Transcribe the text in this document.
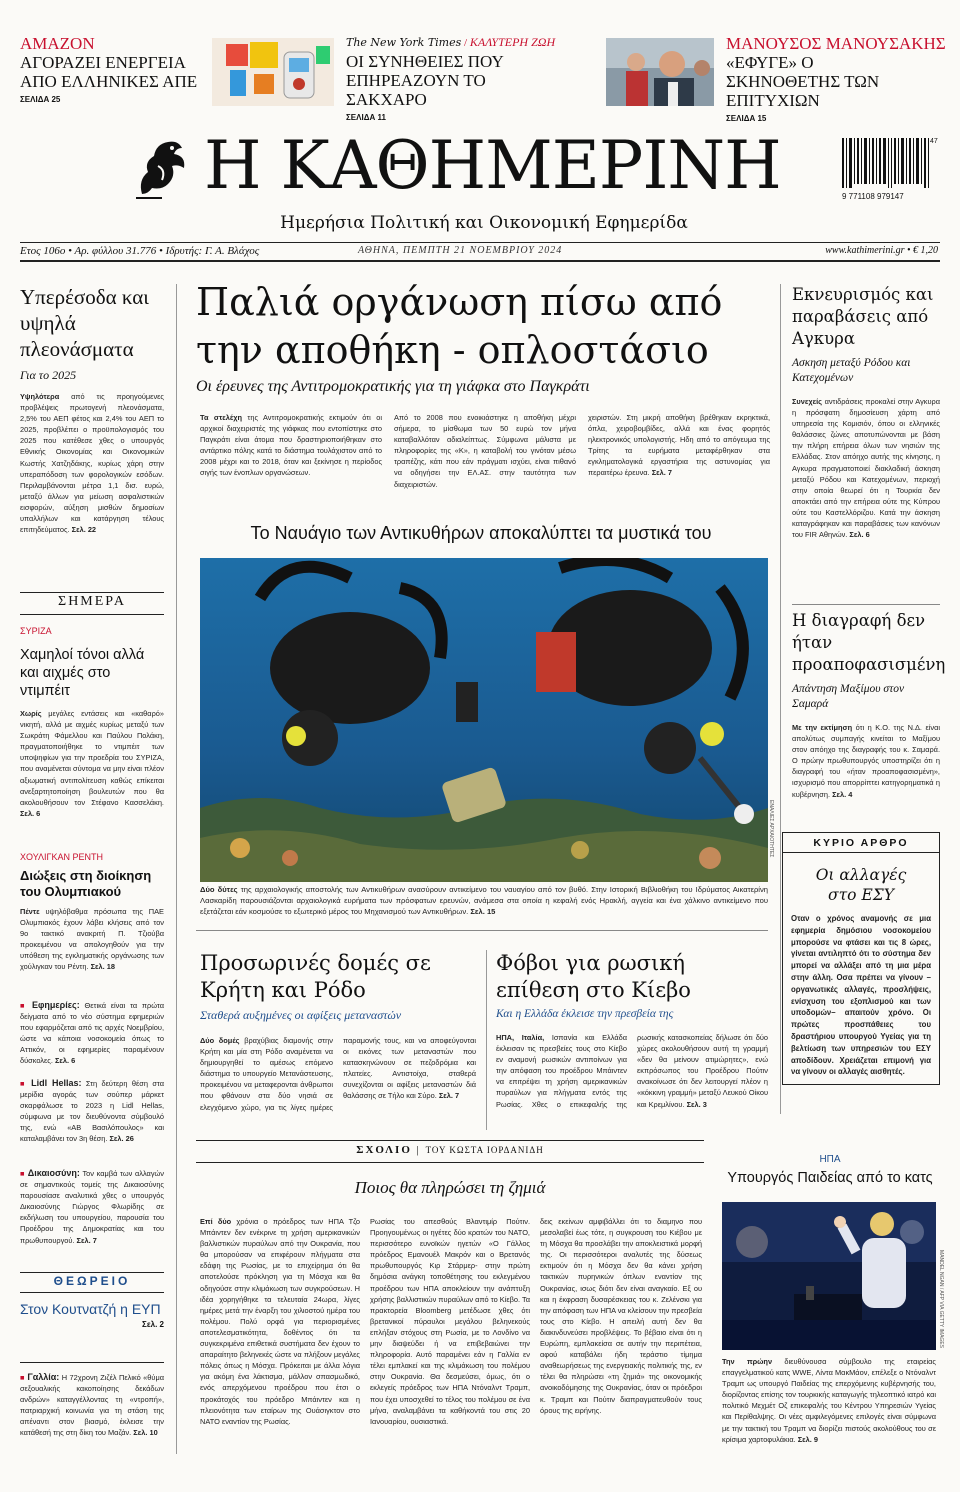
ΑΜΑΖΟΝ
ΑΓΟΡΑΖΕΙ ΕΝΕΡΓΕΙΑ ΑΠΟ ΕΛΛΗΝΙΚΕΣ ΑΠΕ
ΣΕΛΙΔΑ 25
The New York Times / ΚΑΛΥΤΕΡΗ ΖΩΗ
ΟΙ ΣΥΝΗΘΕΙΕΣ ΠΟΥ ΕΠΗΡΕΑΖΟΥΝ ΤΟ ΣΑΚΧΑΡΟ
ΣΕΛΙΔΑ 11
ΜΑΝΟΥΣΟΣ ΜΑΝΟΥΣΑΚΗΣ
«ΕΦΥΓΕ» Ο ΣΚΗΝΟΘΕΤΗΣ ΤΩΝ ΕΠΙΤΥΧΙΩΝ
ΣΕΛΙΔΑ 15
Η ΚΑΘΗΜΕΡΙΝΗ
Ημερήσια Πολιτική και Οικονομική Εφημερίδα
47
9 771108 979147
Ετος 106ο • Αρ. φύλλου 31.776 • Ιδρυτής: Γ. Α. Βλάχος	ΑΘΗΝΑ, ΠΕΜΠΤΗ 21 ΝΟΕΜΒΡΙΟΥ 2024	www.kathimerini.gr • € 1,20
Υπερέσοδα και υψηλά πλεονάσματα
Για το 2025
Υψηλότερα από τις προηγούμενες προβλέψεις πρωτογενή πλεονάσματα, 2,5% του ΑΕΠ φέτος και 2,4% του ΑΕΠ το 2025, προβλέπει ο προϋπολογισμός του 2025 που κατέθεσε χθες ο υπουργός Εθνικής Οικονομίας και Οικονομικών Κωστής Χατζηδάκης, κυρίως χάρη στην υπεραπόδοση των φορολογικών εσόδων. Περιλαμβάνονται μέτρα 1,1 δισ. ευρώ, μεταξύ άλλων για μείωση ασφαλιστικών εισφορών, αύξηση μισθών δημοσίων υπαλλήλων και κατάργηση τέλους επιτηδεύματος. Σελ. 22
ΣΗΜΕΡΑ
ΣΥΡΙΖΑ
Χαμηλοί τόνοι αλλά και αιχμές στο ντιμπέιτ
Χωρίς μεγάλες εντάσεις και «καθαρό» νικητή, αλλά με αιχμές κυρίως μεταξύ των Σωκράτη Φάμελλου και Παύλου Πολάκη, πραγματοποιήθηκε το ντιμπέιτ των υποψηφίων για την προεδρία του ΣΥΡΙΖΑ, που αναμένεται σύντομα να μην είναι πλέον αξιωματική αντιπολίτευση καθώς επίκειται ανεξαρτητοποίηση βουλευτών που θα ακολουθήσουν τον Στέφανο Κασσελάκη. Σελ. 6
ΧΟΥΛΙΓΚΑΝ ΡΕΝΤΗ
Διώξεις στη διοίκηση του Ολυμπιακού
Πέντε υψηλόβαθμα πρόσωπα της ΠΑΕ Ολυμπιακός έχουν λάβει κλήσεις από τον 9ο τακτικό ανακριτή Π. Τζιούβα προκειμένου να απολογηθούν για την υπόθεση της εγκληματικής οργάνωσης των χούλιγκαν του Ρέντη. Σελ. 18
■ Εφημερίες: Θετικά είναι τα πρώτα δείγματα από το νέο σύστημα εφημεριών που εφαρμόζεται από τις αρχές Νοεμβρίου, ώστε να κάποια νοσοκομεία όπως το Αττικόν, οι εφημερίες παραμένουν δύσκολες. Σελ. 6
■ Lidl Hellas: Στη δεύτερη θέση στα μερίδια αγοράς των σούπερ μάρκετ σκαρφάλωσε το 2023 η Lidl Hellas, σύμφωνα με τον διευθύνοντα σύμβουλό της, ενώ «ΑΒ Βασιλόπουλος» και καταλαμβάνει τον 3η θέση. Σελ. 26
■ Δικαιοσύνη: Τον καμβά των αλλαγών σε σημαντικούς τομείς της Δικαιοσύνης παρουσίασε αναλυτικά χθες ο υπουργός Δικαιοσύνης Γιώργος Φλωρίδης σε εκδήλωση του υπουργείου, παρουσία του Προέδρου της Δημοκρατίας και του πρωθυπουργού. Σελ. 7
ΘΕΩΡΕΙΟ
Στον Κουτνατζή η ΕΥΠ
Σελ. 2
■ Γαλλία: Η 72χρονη Ζιζέλ Πελικό «θύμα σεξουαλικής κακοποίησης δεκάδων ανδρών» καταγγέλλοντας τη «ντροπή», πατριαρχική κοινωνία για τη στάση της απέναντι στον βιασμό, έκλεισε την κατάθεσή της στη δίκη του Μαζάν. Σελ. 10
Παλιά οργάνωση πίσω από την αποθήκη - οπλοστάσιο
Οι έρευνες της Αντιτρομοκρατικής για τη γιάφκα στο Παγκράτι
Τα στελέχη της Αντιτρομοκρατικής εκτιμούν ότι οι αρχικοί διαχειριστές της γιάφκας που εντοπίστηκε στο Παγκράτι είναι άτομα που δραστηριοποιήθηκαν στο αντάρτικο πόλης κατά το διάστημα τουλάχιστον από το 2008 μέχρι και το 2018, όταν και ξεκίνησε η περίοδος σιγής των ένοπλων οργανώσεων.
Από το 2008 που ενοικιάστηκε η αποθήκη μέχρι σήμερα, το μίσθωμα των 50 ευρώ τον μήνα καταβαλλόταν αδιαλείπτως. Σύμφωνα μάλιστα με πληροφορίες της «Κ», η καταβολή του γινόταν μέσω τραπέζης, κάτι που εάν πράγματι ισχύει, είναι πιθανό να οδηγήσει την ΕΛ.ΑΣ. στην ταυτότητα των διαχειριστών.
χειριστών. Στη μικρή αποθήκη βρέθηκαν εκρηκτικά, όπλα, χειροβομβίδες, αλλά και ένας φορητός ηλεκτρονικός υπολογιστής. Ηδη από το απόγευμα της Τρίτης τα ευρήματα μεταφέρθηκαν στα εγκληματολογικά εργαστήρια της αστυνομίας για περαιτέρω έρευνα. Σελ. 7
Το Ναυάγιο των Αντικυθήρων αποκαλύπτει τα μυστικά του
ΕΝΑΛΙΕΣ ΑΡΧΑΙΟΤΗΤΕΣ
Δύο δύτες της αρχαιολογικής αποστολής των Αντικυθήρων ανασύρουν αντικείμενο του ναυαγίου από τον βυθό. Στην Ιστορική Βιβλιοθήκη του Ιδρύματος Αικατερίνη Λασκαρίδη παρουσιάζονται αρχαιολογικά ευρήματα των πρόσφατων ερευνών, ανάμεσα στα οποία η κεφαλή ενός Ηρακλή, αγγεία και ένα χάλκινο αντικείμενο που εξετάζεται εάν κοσμούσε το εξωτερικό μέρος του Μηχανισμού των Αντικυθήρων. Σελ. 15
Προσωρινές δομές σε Κρήτη και Ρόδο
Σταθερά αυξημένες οι αφίξεις μεταναστών
Δύο δομές βραχύβιας διαμονής στην Κρήτη και μία στη Ρόδο αναμένεται να δημιουργηθεί το αμέσως επόμενο διάστημα το υπουργείο Μετανάστευσης, προκειμένου να μεταφερονται άνθρωποι που φθάνουν στα δύο νησιά σε ελεγχόμενο χώρο, για τις λίγες ημέρες παραμονής τους, και να αποφεύγονται οι εικόνες των μεταναστών που κατασκηνώνουν σε πεζοδρόμια και πλατείες. Αντιστοίχα, σταθερά συνεχίζονται οι αφίξεις μεταναστών διά θαλάσσης σε Τήλο και Σύρο. Σελ. 7
Φόβοι για ρωσική επίθεση στο Κίεβο
Και η Ελλάδα έκλεισε την πρεσβεία της
ΗΠΑ, Ιταλία, Ισπανία και Ελλάδα έκλεισαν τις πρεσβείες τους στο Κίεβο εν αναμονή ρωσικών αντιποίνων για την απόφαση του προέδρου Μπάιντεν να επιτρέψει τη χρήση αμερικανικών πυραύλων για πλήγματα εντός της Ρωσίας. Χθες ο επικεφαλής της ρωσικής κατασκοπείας δήλωσε ότι δύο χώρες ακολουθήσουν αυτή τη γραμμή «δεν θα μείνουν ατιμώρητες», ενώ εκπρόσωπος του Προέδρου Πούτιν ανακοίνωσε ότι δεν λειτουργεί πλέον η «κόκκινη γραμμή» μεταξύ Λευκού Οίκου και Κρεμλίνου. Σελ. 3
ΣΧΟΛΙΟ | ΤΟΥ ΚΩΣΤΑ ΙΟΡΔΑΝΙΔΗ
Ποιος θα πληρώσει τη ζημιά
Επί δύο χρόνια ο πρόεδρος των ΗΠΑ Τζο Μπάιντεν δεν ενέκρινε τη χρήση αμερικανικών βαλλιστικών πυραύλων από την Ουκρανία, που θα μπορούσαν να επιφέρουν πλήγματα στα εδάφη της Ρωσίας, με το επιχείρημα ότι θα αποτελούσε πρόκληση για τη Μόσχα και θα οδηγούσε στην κλιμάκωση των συγκρούσεων. Η ιδέα χορηγήθηκε τα τελευταία 24ωρα, λίγες ημέρες μετά την έναρξη του χιλιοστού ημέρα του πολέμου. Πολύ ορφά για περιορισμένες αποτελεσματικότητα, δοθέντος ότι τα συγκεκριμένα επιθετικά συστήματα δεν έχουν το απαραίτητο βεληνεκές ώστε να πλήξουν μεγάλες πόλεις όπως η Μόσχα. Πρόκειται με άλλα λόγια για ακόμη ένα λάκτισμα, μάλλον σπασμωδικό, ενός απερχόμενου προέδρου που έτσι ο προκάτοχός του πρόεδρο Μπάιντεν και η πλειονότητα των εταίρων της Ουάσιγκτον στο ΝΑΤΟ εναντίον της Ρωσίας.
Ρωσίας του απεσθούς Βλαντιμίρ Πούτιν. Προηγουμένως οι ηγέτες δύο κρατών του ΝΑΤΟ, περισσότερο ευνοϊκών ηγετών «Ο Γάλλος πρόεδρος Εμανουέλ Μακρόν και ο Βρετανός πρωθυπουργός Κιρ Στάρμερ- στην πρώτη δημόσια ανάγκη τοποθέτησης του εκλεγμένου προέδρου των ΗΠΑ αποκλείουν την ανάπτυξη χρήσης βαλλιστικών πυραύλων από το Κίεβο. Τα πρακτορεία Bloomberg μετέδωσε χθες ότι βρετανικοί πύραυλοι μεγάλου βεληνεκούς επλήξαν στόχους στη Ρωσία, με το Λονδίνο να μην διαψεύδει ή να επιβεβαιώνει την πληροφορία. Αυτό παραμένει εάν η Γαλλία εν τέλει εμπλακεί και της κλιμάκωση του πολέμου στην Ουκρανία. Θα δεσμεύσει, όμως, ότι ο εκλεγείς πρόεδρος των ΗΠΑ Ντόναλντ Τραμπ, που έχει υποσχεθεί το τέλος του πολέμου σε ένα μήνα, αναλαμβάνει τα καθήκοντά του στις 20 Ιανουαρίου, ουσιαστικά.
δεις εκείνων αμφιβάλλει ότι το διαμηνο που μεσολαβεί έως τότε, η συγκρουση του Κιέβου με τη Μόσχα θα προσλάβει την αποκλειστικά μορφή της. Οι περισσότεροι αναλυτές της δύσεως εκτιμούν ότι η Μόσχα δεν θα κάνει χρήση τακτικών πυρηνικών όπλων εναντίον της Ουκρανίας, ισως διότι δεν είναι αναγκαίο. Εξ ου και η έκφραση δυσαρέσκειας του κ. Ζελένσκι για την απόφαση των ΗΠΑ να κλείσουν την πρεσβεία τους στο Κίεβο. Η απειλή αυτή δεν θα διακινδυνεύσει προβλέψεις. Το βέβαιο είναι ότι η Ευρώπη, εμπλακείσα σε αυτήν την περιπέτεια, αφού καταβάλει ήδη τεράστιο τίμημα αναθεωρήσεως της ενεργειακής πολιτικής της, εν τέλει θα πληρώσει «τη ζημιά» της οικονομικής ανοικοδόμησης της Ουκρανίας, όταν οι πρόεδροι κ. Τραμπ και Πούτιν διαπραγματευθούν τους όρους της ειρήνης.
Εκνευρισμός και παραβάσεις από Αγκυρα
Ασκηση μεταξύ Ρόδου και Κατεχομένων
Συνεχείς αντιδράσεις προκαλεί στην Αγκυρα η πρόσφατη δημοσίευση χάρτη από υπηρεσία της Κομισιόν, όπου οι ελληνικές θαλάσσιες ζώνες αποτυπώνονται με βάση την πλήρη επήρεια όλων των νησιών της Ελλάδας. Στον απόηχο αυτής της κίνησης, η Αγκυρα πραγματοποιεί διακλαδική άσκηση μεταξύ Ρόδου και Κατεχομένων, περιοχή στην οποία θεωρεί ότι η Τουρκία δεν αποκτάει από την επήρεια ούτε της Κύπρου ούτε του Καστελλόριζου. Κατά την άσκηση καταγράφηκαν και παραβάσεις των κανόνων του FIR Αθηνών. Σελ. 6
Η διαγραφή δεν ήταν προαποφασισμένη
Απάντηση Μαξίμου στον Σαμαρά
Με την εκτίμηση ότι η Κ.Ο. της Ν.Δ. είναι απολύτως συμπαγής κινείται το Μαξίμου στον απόηχο της διαγραφής του κ. Σαμαρά. Ο πρώην πρωθυπουργός υποστηρίζει ότι η διαγραφή του «ήταν προαποφασισμένη», ισχυρισμό που απορρίπτει κατηγορηματικά η κυβέρνηση. Σελ. 4
ΚΥΡΙΟ ΑΡΘΡΟ
Οι αλλαγές στο ΕΣΥ
Οταν ο χρόνος αναμονής σε μια εφημερία δημόσιου νοσοκομείου μπορούσε να φτάσει και τις 8 ώρες, γίνεται αντιληπτό ότι το σύστημα δεν μπορεί να αλλάξει από τη μια μέρα στην άλλη. Οσα πρέπει να γίνουν –οργανωτικές αλλαγές, προσλήψεις, ενίσχυση του εξοπλισμού και των υποδομών– απαιτούν χρόνο. Οι πρώτες προσπάθειες του δραστήριου υπουργού Υγείας για τη βελτίωση των υπηρεσιών του ΕΣΥ αποδίδουν. Χρειάζεται επιμονή για να γίνουν οι αλλαγές αισθητές.
ΗΠΑ
Υπουργός Παιδείας από το κατς
MANDEL NGAN / AFP VIA GETTY IMAGES
Την πρώην διευθύνουσα σύμβουλο της εταιρείας επαγγελματικού κατς WWE, Λίντα ΜακΜάον, επέλεξε ο Ντόναλντ Τραμπ ως υπουργό Παιδείας της επερχόμενης κυβέρνησής του, διορίζοντας επίσης τον τουρκικής καταγωγής τηλεοπτικό ιατρό και πολιτικό Μεχμέτ Οζ επικεφαλής του Κέντρου Υπηρεσιών Υγείας και Περίθαλψης. Οι νέες αμφιλεγόμενες επιλογές είναι σύμφωνα με την τακτική του Τραμπ να διορίζει πιστούς ακολούθους του σε κρίσιμα χαρτοφυλάκια. Σελ. 9
